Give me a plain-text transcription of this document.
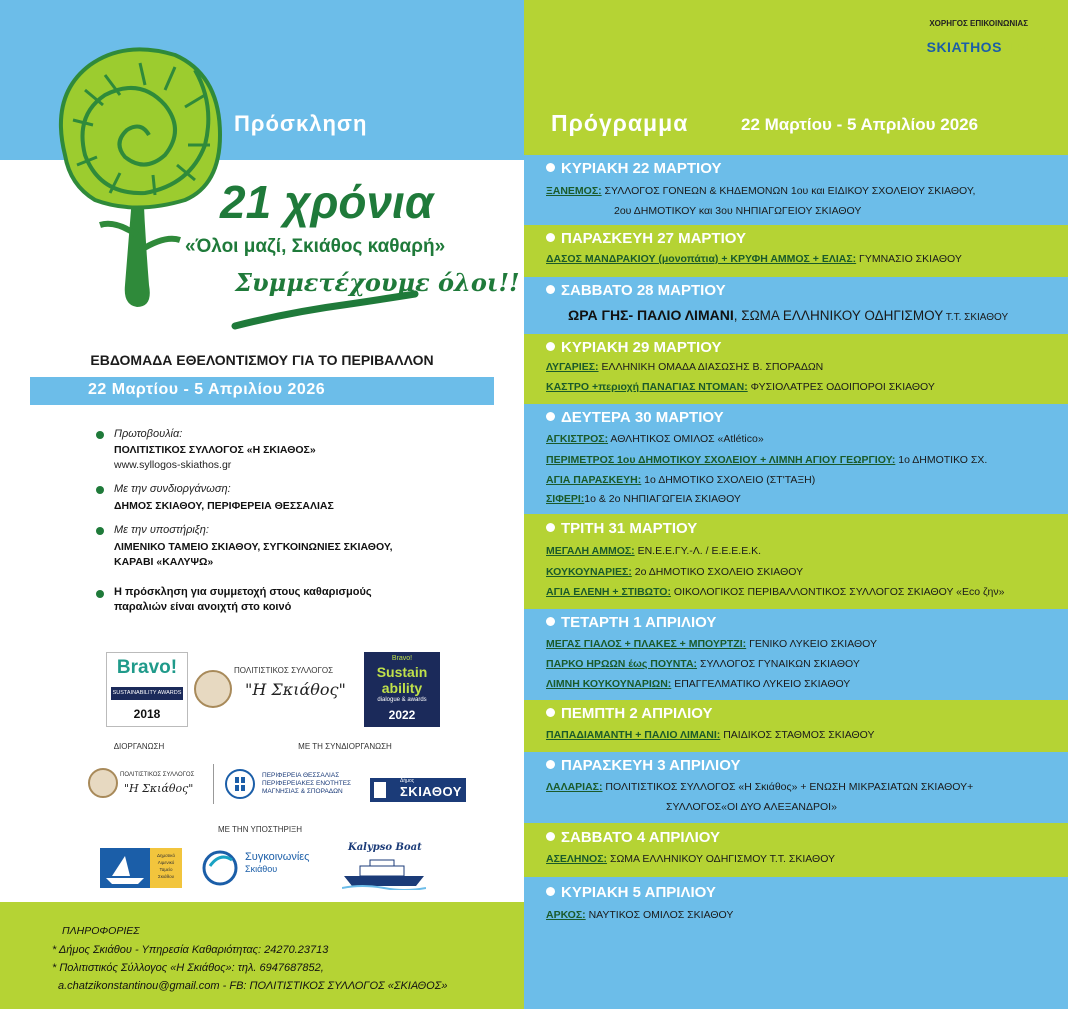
Πρόσκληση
21 χρόνια
«Όλοι μαζί, Σκιάθος καθαρή»
Συμμετέχουμε όλοι!!
ΕΒΔΟΜΑΔΑ ΕΘΕΛΟΝΤΙΣΜΟΥ ΓΙΑ ΤΟ ΠΕΡΙΒΑΛΛΟΝ
22 Μαρτίου - 5 Απριλίου 2026
Πρωτοβουλία:
ΠΟΛΙΤΙΣΤΙΚΟΣ ΣΥΛΛΟΓΟΣ «Η ΣΚΙΑΘΟΣ»
www.syllogos-skiathos.gr
Με την συνδιοργάνωση:
ΔΗΜΟΣ ΣΚΙΑΘΟΥ, ΠΕΡΙΦΕΡΕΙΑ ΘΕΣΣΑΛΙΑΣ
Με την υποστήριξη:
ΛΙΜΕΝΙΚΟ ΤΑΜΕΙΟ ΣΚΙΑΘΟΥ, ΣΥΓΚΟΙΝΩΝΙΕΣ ΣΚΙΑΘΟΥ,
ΚΑΡΑΒΙ «ΚΑΛΥΨΩ»
Η πρόσκληση για συμμετοχή στους καθαρισμούς
παραλιών είναι ανοιχτή στο κοινό
Bravo!
SUSTAINABILITY AWARDS
2018
ΠΟΛΙΤΙΣΤΙΚΟΣ ΣΥΛΛΟΓΟΣ
"Η Σκιάθος"
Bravo!
Sustain
ability
dialogue & awards
2022
ΔΙΟΡΓΑΝΩΣΗ	ΜΕ ΤΗ ΣΥΝΔΙΟΡΓΑΝΩΣΗ
ΠΟΛΙΤΙΣΤΙΚΟΣ ΣΥΛΛΟΓΟΣ
"Η Σκιάθος"
ΠΕΡΙΦΕΡΕΙΑ ΘΕΣΣΑΛΙΑΣ
ΠΕΡΙΦΕΡΕΙΑΚΕΣ ΕΝΟΤΗΤΕΣ
ΜΑΓΝΗΣΙΑΣ & ΣΠΟΡΑΔΩΝ
Δήμος
ΣΚΙΑΘΟΥ
ΜΕ ΤΗΝ ΥΠΟΣΤΗΡΙΞΗ
Δημοτικό
Λιμενικό
Ταμείο
Σκιάθου
Συγκοινωνίες
Σκιάθου
Kalypso Boat
ΠΛΗΡΟΦΟΡΙΕΣ
* Δήμος Σκιάθου - Υπηρεσία Καθαριότητας: 24270.23713
* Πολιτιστικός Σύλλογος «Η Σκιάθος»: τηλ. 6947687852,
a.chatzikonstantinou@gmail.com - FB: ΠΟΛΙΤΙΣΤΙΚΟΣ ΣΥΛΛΟΓΟΣ «ΣΚΙΑΘΟΣ»
ΧΟΡΗΓΟΣ ΕΠΙΚΟΙΝΩΝΙΑΣ
SKIATHOSLIFE.gr
Πρόγραμμα	22 Μαρτίου - 5 Απριλίου 2026
ΚΥΡΙΑΚΗ 22 ΜΑΡΤΙΟΥ
ΞΑΝΕΜΟΣ: ΣΥΛΛΟΓΟΣ ΓΟΝΕΩΝ & ΚΗΔΕΜΟΝΩΝ 1ου και ΕΙΔΙΚΟΥ ΣΧΟΛΕΙΟΥ ΣΚΙΑΘΟΥ,
2ου ΔΗΜΟΤΙΚΟΥ και 3ου ΝΗΠΙΑΓΩΓΕΙΟΥ ΣΚΙΑΘΟΥ
ΠΑΡΑΣΚΕΥΗ 27 ΜΑΡΤΙΟΥ
ΔΑΣΟΣ ΜΑΝΔΡΑΚΙΟΥ (μονοπάτια) + ΚΡΥΦΗ ΑΜΜΟΣ + ΕΛΙΑΣ: ΓΥΜΝΑΣΙΟ ΣΚΙΑΘΟΥ
ΣΑΒΒΑΤΟ 28 ΜΑΡΤΙΟΥ
ΩΡΑ ΓΗΣ- ΠΑΛΙΟ ΛΙΜΑΝΙ, ΣΩΜΑ ΕΛΛΗΝΙΚΟΥ ΟΔΗΓΙΣΜΟΥ Τ.Τ. ΣΚΙΑΘΟΥ
ΚΥΡΙΑΚΗ 29 ΜΑΡΤΙΟΥ
ΛΥΓΑΡΙΕΣ: ΕΛΛΗΝΙΚΗ ΟΜΑΔΑ ΔΙΑΣΩΣΗΣ Β. ΣΠΟΡΑΔΩΝ
ΚΑΣΤΡΟ +περιοχή ΠΑΝΑΓΙΑΣ ΝΤΟΜΑΝ: ΦΥΣΙΟΛΑΤΡΕΣ ΟΔΟΙΠΟΡΟΙ ΣΚΙΑΘΟΥ
ΔΕΥΤΕΡΑ 30 ΜΑΡΤΙΟΥ
ΑΓΚΙΣΤΡΟΣ: ΑΘΛΗΤΙΚΟΣ ΟΜΙΛΟΣ «Atlético»
ΠΕΡΙΜΕΤΡΟΣ 1ου ΔΗΜΟΤΙΚΟΥ ΣΧΟΛΕΙΟΥ + ΛΙΜΝΗ ΑΓΙΟΥ ΓΕΩΡΓΙΟΥ: 1ο ΔΗΜΟΤΙΚΟ ΣΧ.
ΑΓΙΑ ΠΑΡΑΣΚΕΥΗ: 1ο ΔΗΜΟΤΙΚΟ ΣΧΟΛΕΙΟ (ΣΤ'ΤΑΞΗ)
ΣΙΦΕΡΙ:1ο & 2ο ΝΗΠΙΑΓΩΓΕΙΑ ΣΚΙΑΘΟΥ
ΤΡΙΤΗ 31 ΜΑΡΤΙΟΥ
ΜΕΓΑΛΗ ΑΜΜΟΣ: ΕΝ.Ε.Ε.ΓΥ.-Λ. / Ε.Ε.Ε.Ε.Κ.
ΚΟΥΚΟΥΝΑΡΙΕΣ: 2ο ΔΗΜΟΤΙΚΟ ΣΧΟΛΕΙΟ ΣΚΙΑΘΟΥ
ΑΓΙΑ ΕΛΕΝΗ + ΣΤΙΒΩΤΟ: ΟΙΚΟΛΟΓΙΚΟΣ ΠΕΡΙΒΑΛΛΟΝΤΙΚΟΣ ΣΥΛΛΟΓΟΣ ΣΚΙΑΘΟΥ «Eco ζην»
ΤΕΤΑΡΤΗ 1 ΑΠΡΙΛΙΟΥ
ΜΕΓΑΣ ΓΙΑΛΟΣ + ΠΛΑΚΕΣ + ΜΠΟΥΡΤΖΙ: ΓΕΝΙΚΟ ΛΥΚΕΙΟ ΣΚΙΑΘΟΥ
ΠΑΡΚΟ ΗΡΩΩΝ έως ΠΟΥΝΤΑ: ΣΥΛΛΟΓΟΣ ΓΥΝΑΙΚΩΝ ΣΚΙΑΘΟΥ
ΛΙΜΝΗ ΚΟΥΚΟΥΝΑΡΙΩΝ: ΕΠΑΓΓΕΛΜΑΤΙΚΟ ΛΥΚΕΙΟ ΣΚΙΑΘΟΥ
ΠΕΜΠΤΗ 2 ΑΠΡΙΛΙΟΥ
ΠΑΠΑΔΙΑΜΑΝΤΗ + ΠΑΛΙΟ ΛΙΜΑΝΙ: ΠΑΙΔΙΚΟΣ ΣΤΑΘΜΟΣ ΣΚΙΑΘΟΥ
ΠΑΡΑΣΚΕΥΗ 3 ΑΠΡΙΛΙΟΥ
ΛΑΛΑΡΙΑΣ: ΠΟΛΙΤΙΣΤΙΚΟΣ ΣΥΛΛΟΓΟΣ «Η Σκιάθος» + ΕΝΩΣΗ ΜΙΚΡΑΣΙΑΤΩΝ ΣΚΙΑΘΟΥ+
ΣΥΛΛΟΓΟΣ«ΟΙ ΔΥΟ ΑΛΕΞΑΝΔΡΟΙ»
ΣΑΒΒΑΤΟ 4 ΑΠΡΙΛΙΟΥ
ΑΣΕΛΗΝΟΣ: ΣΩΜΑ ΕΛΛΗΝΙΚΟΥ ΟΔΗΓΙΣΜΟΥ Τ.Τ. ΣΚΙΑΘΟΥ
ΚΥΡΙΑΚΗ 5 ΑΠΡΙΛΙΟΥ
ΑΡΚΟΣ: ΝΑΥΤΙΚΟΣ ΟΜΙΛΟΣ ΣΚΙΑΘΟΥ
